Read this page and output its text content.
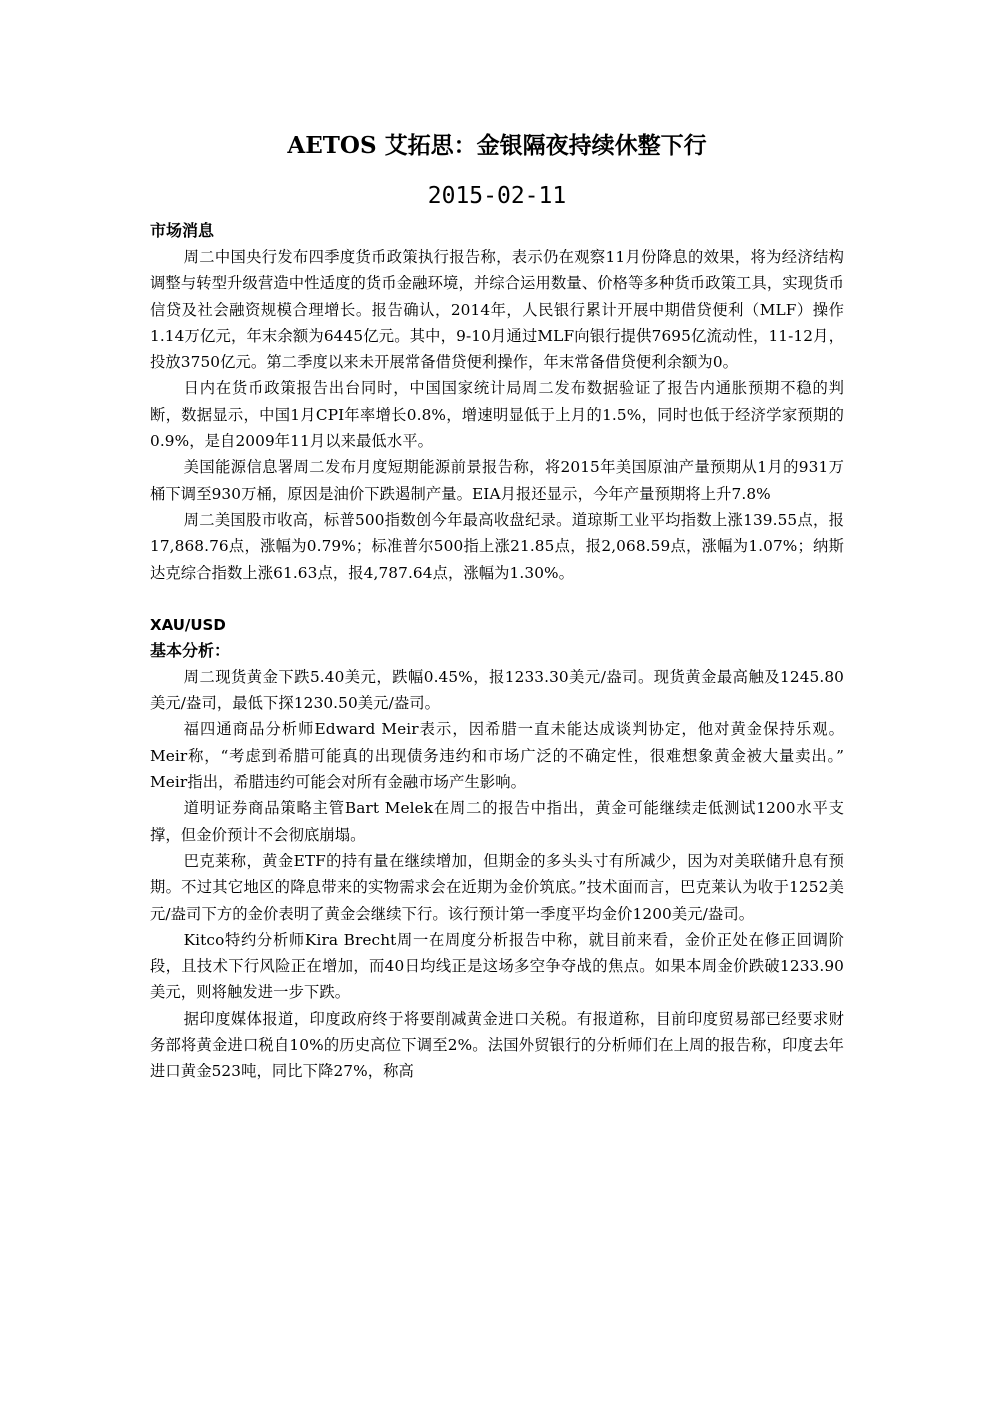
AETOS 艾拓思：金银隔夜持续休整下行
2015-02-11
市场消息

周二中国央行发布四季度货币政策执行报告称，表示仍在观察11月份降息的效果，将为经济结构调整与转型升级营造中性适度的货币金融环境，并综合运用数量、价格等多种货币政策工具，实现货币信贷及社会融资规模合理增长。报告确认，2014年，人民银行累计开展中期借贷便利（MLF）操作1.14万亿元，年末余额为6445亿元。其中，9-10月通过MLF向银行提供7695亿流动性，11-12月，投放3750亿元。第二季度以来未开展常备借贷便利操作，年末常备借贷便利余额为0。

日内在货币政策报告出台同时，中国国家统计局周二发布数据验证了报告内通胀预期不稳的判断，数据显示，中国1月CPI年率增长0.8%，增速明显低于上月的1.5%，同时也低于经济学家预期的0.9%，是自2009年11月以来最低水平。

美国能源信息署周二发布月度短期能源前景报告称，将2015年美国原油产量预期从1月的931万桶下调至930万桶，原因是油价下跌遏制产量。EIA月报还显示，今年产量预期将上升7.8%

周二美国股市收高，标普500指数创今年最高收盘纪录。道琼斯工业平均指数上涨139.55点，报17,868.76点，涨幅为0.79%；标准普尔500指上涨21.85点，报2,068.59点，涨幅为1.07%；纳斯达克综合指数上涨61.63点，报4,787.64点，涨幅为1.30%。

XAU/USD
基本分析：

周二现货黄金下跌5.40美元，跌幅0.45%，报1233.30美元/盎司。现货黄金最高触及1245.80美元/盎司，最低下探1230.50美元/盎司。

福四通商品分析师Edward Meir表示，因希腊一直未能达成谈判协定，他对黄金保持乐观。Meir称，“考虑到希腊可能真的出现债务违约和市场广泛的不确定性，很难想象黄金被大量卖出。” Meir指出，希腊违约可能会对所有金融市场产生影响。

道明证券商品策略主管Bart Melek在周二的报告中指出，黄金可能继续走低测试1200水平支撑，但金价预计不会彻底崩塌。

巴克莱称，黄金ETF的持有量在继续增加，但期金的多头头寸有所减少，因为对美联储升息有预期。不过其它地区的降息带来的实物需求会在近期为金价筑底。”技术面而言，巴克莱认为收于1252美元/盎司下方的金价表明了黄金会继续下行。该行预计第一季度平均金价1200美元/盎司。

Kitco特约分析师Kira Brecht周一在周度分析报告中称，就目前来看，金价正处在修正回调阶段，且技术下行风险正在增加，而40日均线正是这场多空争夺战的焦点。如果本周金价跌破1233.90美元，则将触发进一步下跌。

据印度媒体报道，印度政府终于将要削减黄金进口关税。有报道称，目前印度贸易部已经要求财务部将黄金进口税自10%的历史高位下调至2%。法国外贸银行的分析师们在上周的报告称，印度去年进口黄金523吨，同比下降27%，称高
